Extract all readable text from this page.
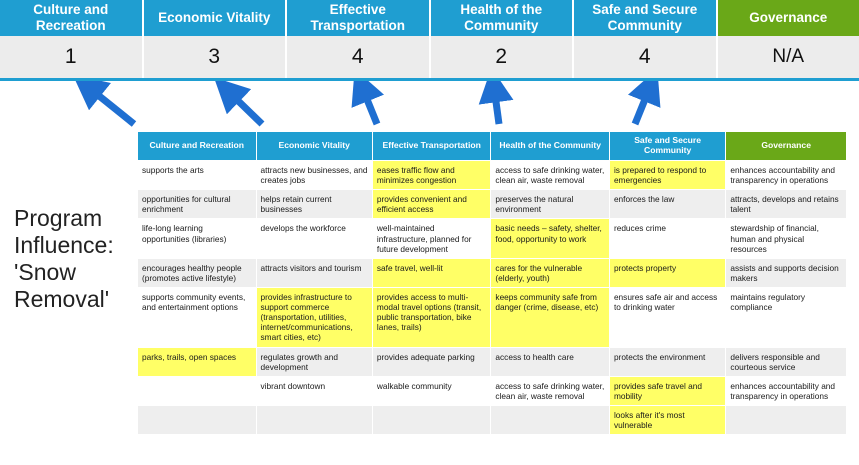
Culture and Recreation
Economic Vitality
Effective Transportation
Health of the Community
Safe and Secure Community
Governance
1	3	4	2	4	N/A
Program
Influence:
'Snow
Removal'
Culture and Recreation	Economic Vitality	Effective Transportation	Health of the Community	Safe and Secure Community	Governance
supports the arts	attracts new businesses, and creates jobs	eases traffic flow and minimizes congestion	access to safe drinking water, clean air, waste removal	is prepared to respond to emergencies	enhances accountability and transparency in operations
opportunities for cultural enrichment	helps retain current businesses	provides convenient and efficient access	preserves the natural environment	enforces the law	attracts, develops and retains talent
life-long learning opportunities (libraries)	develops the workforce	well-maintained infrastructure, planned for future development	basic needs – safety, shelter, food, opportunity to work	reduces crime	stewardship of financial, human and physical resources
encourages healthy people (promotes active lifestyle)	attracts visitors and tourism	safe travel, well-lit	cares for the vulnerable (elderly, youth)	protects property	assists and supports decision makers
supports community events, and entertainment options	provides infrastructure to support commerce (transportation, utilities, internet/communications, smart cities, etc)	provides access to multi-modal travel options (transit, public transportation, bike lanes, trails)	keeps community safe from danger (crime, disease, etc)	ensures safe air and access to drinking water	maintains regulatory compliance
parks, trails, open spaces	regulates growth and development	provides adequate parking	access to health care	protects the environment	delivers responsible and courteous service
	vibrant downtown	walkable community	access to safe drinking water, clean air, waste removal	provides safe travel and mobility	enhances accountability and transparency in operations
				looks after it's most vulnerable	
